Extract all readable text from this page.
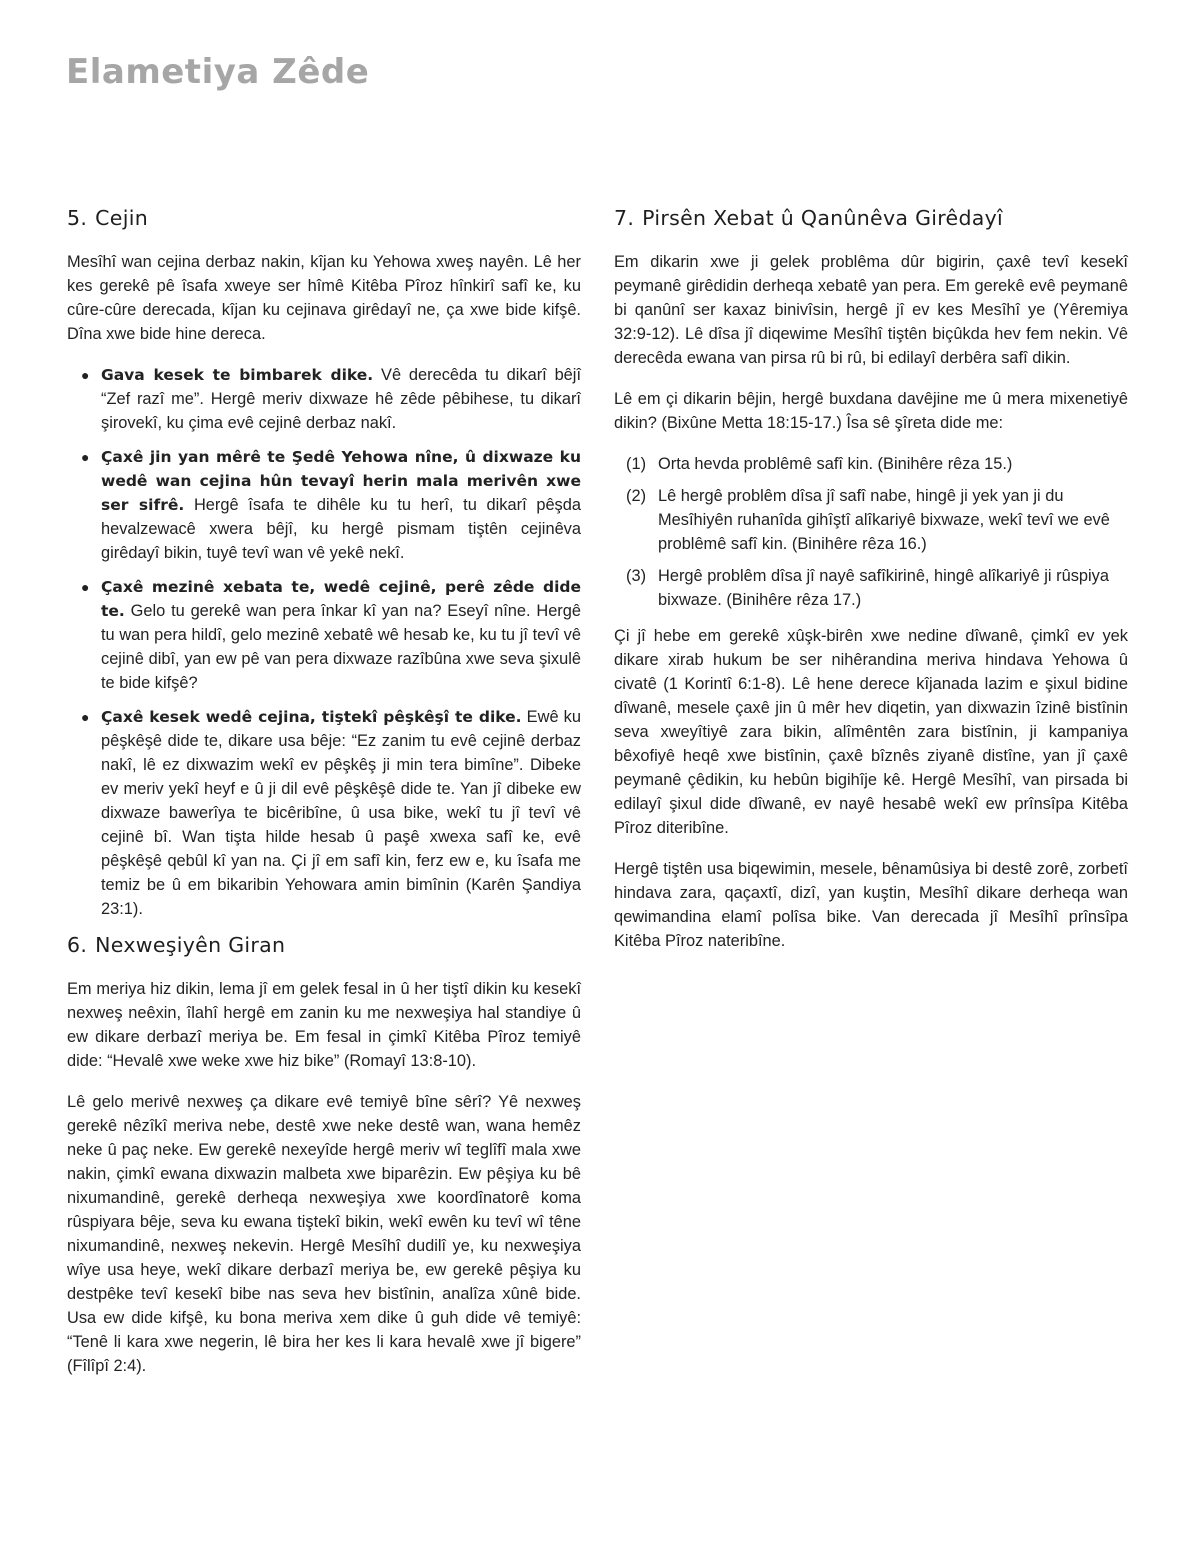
Elametiya Zêde
5. Cejin

Mesîhî wan cejina derbaz nakin, kîjan ku Yehowa xweş nayên. Lê her kes gerekê pê îsafa xweye ser hîmê Kitêba Pîroz hînkirî safî ke, ku cûre-cûre derecada, kîjan ku cejinava girêdayî ne, ça xwe bide kifşê. Dîna xwe bide hine dereca.

● Gava kesek te bimbarek dike. Vê derecêda tu dikarî bêjî “Zef razî me”. Hergê meriv dixwaze hê zêde pêbihese, tu dikarî şirovekî, ku çima evê cejinê derbaz nakî.
● Çaxê jin yan mêrê te Şedê Yehowa nîne, û dixwaze ku wedê wan cejina hûn tevayî herin mala merivên xwe ser sifrê. Hergê îsafa te dihêle ku tu herî, tu dikarî pêşda hevalzewacê xwera bêjî, ku hergê pismam tiştên cejinêva girêdayî bikin, tuyê tevî wan vê yekê nekî.
● Çaxê mezinê xebata te, wedê cejinê, perê zêde dide te. Gelo tu gerekê wan pera înkar kî yan na? Eseyî nîne. Hergê tu wan pera hildî, gelo mezinê xebatê wê hesab ke, ku tu jî tevî vê cejinê dibî, yan ew pê van pera dixwaze razîbûna xwe seva şixulê te bide kifşê?
● Çaxê kesek wedê cejina, tiştekî pêşkêşî te dike. Ewê ku pêşkêşê dide te, dikare usa bêje: “Ez zanim tu evê cejinê derbaz nakî, lê ez dixwazim wekî ev pêşkêş ji min tera bimîne”. Dibeke ev meriv yekî heyf e û ji dil evê pêşkêşê dide te. Yan jî dibeke ew dixwaze bawerîya te bicêribîne, û usa bike, wekî tu jî tevî vê cejinê bî. Wan tişta hilde hesab û paşê xwexa safî ke, evê pêşkêşê qebûl kî yan na. Çi jî em safî kin, ferz ew e, ku îsafa me temiz be û em bikaribin Yehowara amin bimînin (Karên Şandiya 23:1).
6. Nexweşiyên Giran

Em meriya hiz dikin, lema jî em gelek fesal in û her tiştî dikin ku kesekî nexweş neêxin, îlahî hergê em zanin ku me nexweşiya hal standiye û ew dikare derbazî meriya be. Em fesal in çimkî Kitêba Pîroz temiyê dide: “Hevalê xwe weke xwe hiz bike” (Romayî 13:8-10).

Lê gelo merivê nexweş ça dikare evê temiyê bîne sêrî? Yê nexweş gerekê nêzîkî meriva nebe, destê xwe neke destê wan, wana hemêz neke û paç neke. Ew gerekê nexeyîde hergê meriv wî teglîfî mala xwe nakin, çimkî ewana dixwazin malbeta xwe biparêzin. Ew pêşiya ku bê nixumandinê, gerekê derheqa nexweşiya xwe koordînatorê koma rûspiyara bêje, seva ku ewana tiştekî bikin, wekî ewên ku tevî wî têne nixumandinê, nexweş nekevin. Hergê Mesîhî dudilî ye, ku nexweşiya wîye usa heye, wekî dikare derbazî meriya be, ew gerekê pêşiya ku destpêke tevî kesekî bibe nas seva hev bistînin, analîza xûnê bide. Usa ew dide kifşê, ku bona meriva xem dike û guh dide vê temiyê: “Tenê li kara xwe negerin, lê bira her kes li kara hevalê xwe jî bigere” (Fîlîpî 2:4).

7. Pirsên Xebat û Qanûnêva Girêdayî

Em dikarin xwe ji gelek problêma dûr bigirin, çaxê tevî kesekî peymanê girêdidin derheqa xebatê yan pera. Em gerekê evê peymanê bi qanûnî ser kaxaz binivîsin, hergê jî ev kes Mesîhî ye (Yêremiya 32:9-12). Lê dîsa jî diqewime Mesîhî tiştên biçûkda hev fem nekin. Vê derecêda ewana van pirsa rû bi rû, bi edilayî derbêra safî dikin.

Lê em çi dikarin bêjin, hergê buxdana davêjine me û mera mixenetiyê dikin? (Bixûne Metta 18:15-17.) Îsa sê şîreta dide me:

(1) Orta hevda problêmê safî kin. (Binihêre rêza 15.)
(2) Lê hergê problêm dîsa jî safî nabe, hingê ji yek yan ji du Mesîhiyên ruhanîda gihîştî alîkariyê bixwaze, wekî tevî we evê problêmê safî kin. (Binihêre rêza 16.)
(3) Hergê problêm dîsa jî nayê safîkirinê, hingê alîkariyê ji rûspiya bixwaze. (Binihêre rêza 17.)

Çi jî hebe em gerekê xûşk-birên xwe nedine dîwanê, çimkî ev yek dikare xirab hukum be ser nihêrandina meriva hindava Yehowa û civatê (1 Korintî 6:1-8). Lê hene derece kîjanada lazim e şixul bidine dîwanê, mesele çaxê jin û mêr hev diqetin, yan dixwazin îzinê bistînin seva xweyîtiyê zara bikin, alîmêntên zara bistînin, ji kampaniya bêxofiyê heqê xwe bistînin, çaxê bîznês ziyanê distîne, yan jî çaxê peymanê çêdikin, ku hebûn bigihîje kê. Hergê Mesîhî, van pirsada bi edilayî şixul dide dîwanê, ev nayê hesabê wekî ew prînsîpa Kitêba Pîroz diteribîne.

Hergê tiştên usa biqewimin, mesele, bênamûsiya bi destê zorê, zorbetî hindava zara, qaçaxtî, dizî, yan kuştin, Mesîhî dikare derheqa wan qewimandina elamî polîsa bike. Van derecada jî Mesîhî prînsîpa Kitêba Pîroz nateribîne.
